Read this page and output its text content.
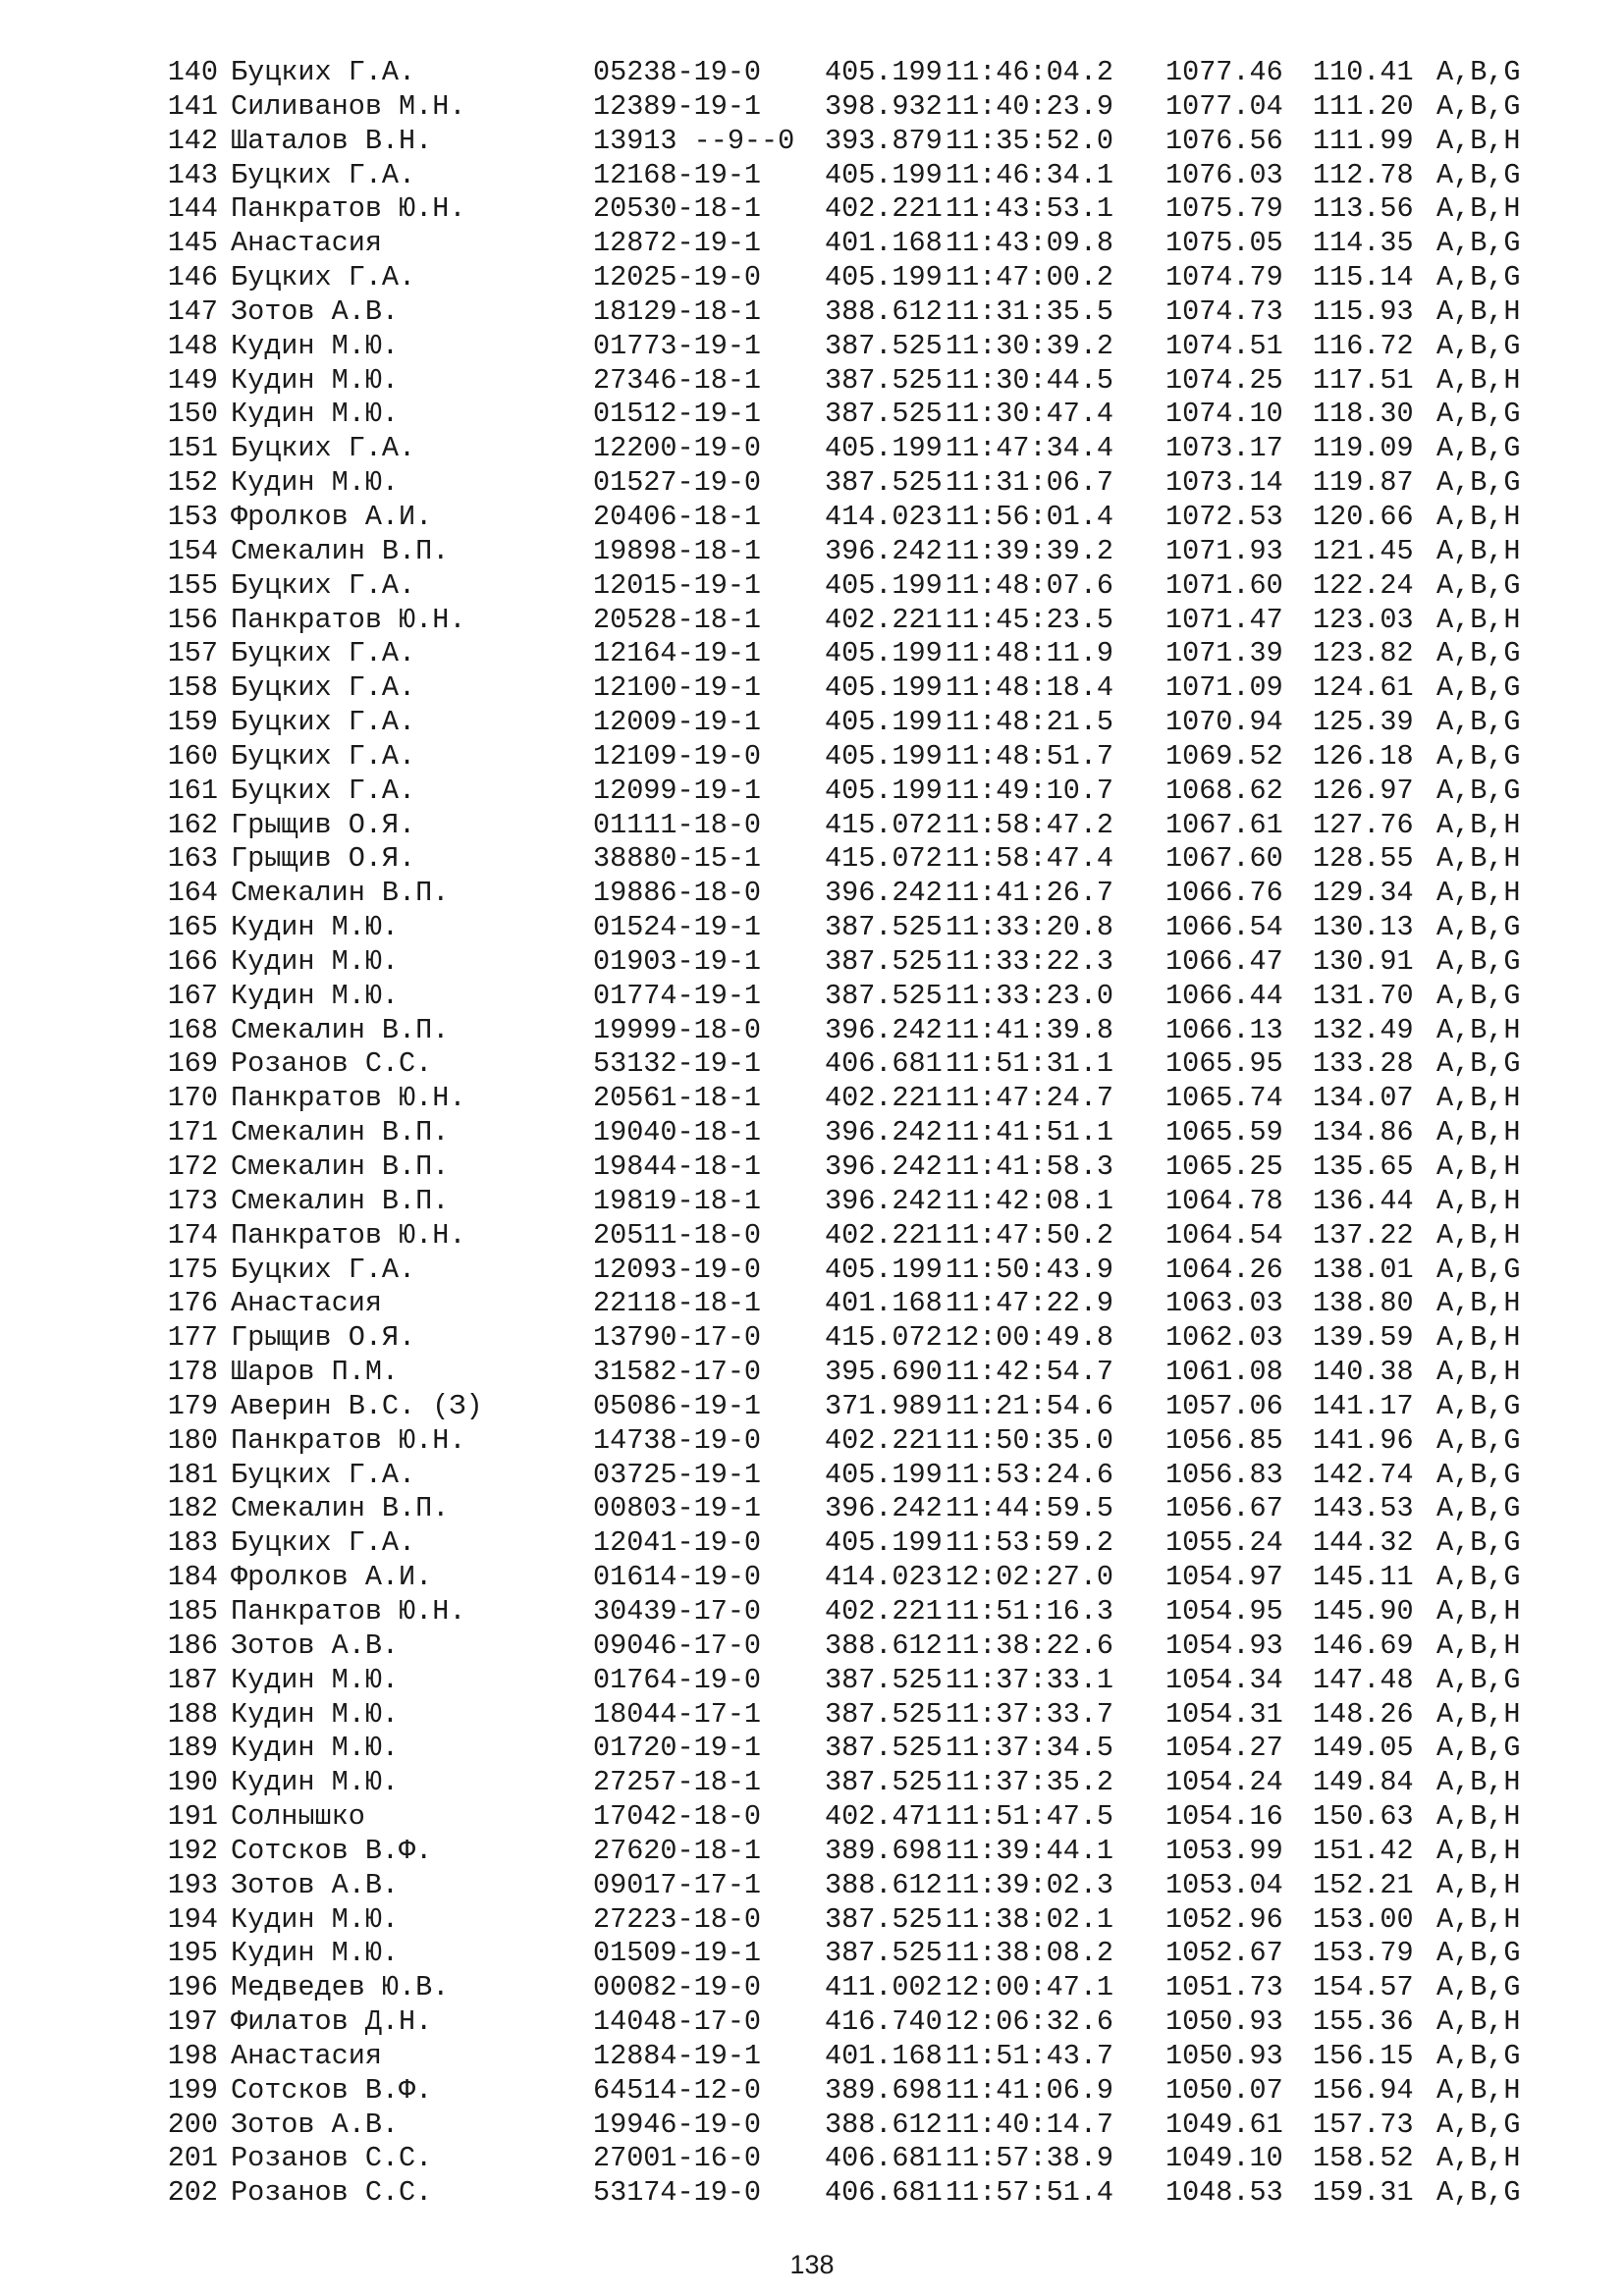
140 Буцких Г.А.	05238-19-0 405.199 11:46:04.2 1077.46 110.41 A,B,G
141 Силиванов М.Н.	12389-19-1 398.932 11:40:23.9 1077.04 111.20 A,B,G
142 Шаталов В.Н.	13913 --9--0 393.879 11:35:52.0 1076.56 111.99 A,B,H
143 Буцких Г.А.	12168-19-1 405.199 11:46:34.1 1076.03 112.78 A,B,G
144 Панкратов Ю.Н.	20530-18-1 402.221 11:43:53.1 1075.79 113.56 A,B,H
145 Анастасия	12872-19-1 401.168 11:43:09.8 1075.05 114.35 A,B,G
146 Буцких Г.А.	12025-19-0 405.199 11:47:00.2 1074.79 115.14 A,B,G
147 Зотов А.В.	18129-18-1 388.612 11:31:35.5 1074.73 115.93 A,B,H
148 Кудин М.Ю.	01773-19-1 387.525 11:30:39.2 1074.51 116.72 A,B,G
149 Кудин М.Ю.	27346-18-1 387.525 11:30:44.5 1074.25 117.51 A,B,H
150 Кудин М.Ю.	01512-19-1 387.525 11:30:47.4 1074.10 118.30 A,B,G
151 Буцких Г.А.	12200-19-0 405.199 11:47:34.4 1073.17 119.09 A,B,G
152 Кудин М.Ю.	01527-19-0 387.525 11:31:06.7 1073.14 119.87 A,B,G
153 Фролков А.И.	20406-18-1 414.023 11:56:01.4 1072.53 120.66 A,B,H
154 Смекалин В.П.	19898-18-1 396.242 11:39:39.2 1071.93 121.45 A,B,H
155 Буцких Г.А.	12015-19-1 405.199 11:48:07.6 1071.60 122.24 A,B,G
156 Панкратов Ю.Н.	20528-18-1 402.221 11:45:23.5 1071.47 123.03 A,B,H
157 Буцких Г.А.	12164-19-1 405.199 11:48:11.9 1071.39 123.82 A,B,G
158 Буцких Г.А.	12100-19-1 405.199 11:48:18.4 1071.09 124.61 A,B,G
159 Буцких Г.А.	12009-19-1 405.199 11:48:21.5 1070.94 125.39 A,B,G
160 Буцких Г.А.	12109-19-0 405.199 11:48:51.7 1069.52 126.18 A,B,G
161 Буцких Г.А.	12099-19-1 405.199 11:49:10.7 1068.62 126.97 A,B,G
162 Грыщив О.Я.	01111-18-0 415.072 11:58:47.2 1067.61 127.76 A,B,H
163 Грыщив О.Я.	38880-15-1 415.072 11:58:47.4 1067.60 128.55 A,B,H
164 Смекалин В.П.	19886-18-0 396.242 11:41:26.7 1066.76 129.34 A,B,H
165 Кудин М.Ю.	01524-19-1 387.525 11:33:20.8 1066.54 130.13 A,B,G
166 Кудин М.Ю.	01903-19-1 387.525 11:33:22.3 1066.47 130.91 A,B,G
167 Кудин М.Ю.	01774-19-1 387.525 11:33:23.0 1066.44 131.70 A,B,G
168 Смекалин В.П.	19999-18-0 396.242 11:41:39.8 1066.13 132.49 A,B,H
169 Розанов С.С.	53132-19-1 406.681 11:51:31.1 1065.95 133.28 A,B,G
170 Панкратов Ю.Н.	20561-18-1 402.221 11:47:24.7 1065.74 134.07 A,B,H
171 Смекалин В.П.	19040-18-1 396.242 11:41:51.1 1065.59 134.86 A,B,H
172 Смекалин В.П.	19844-18-1 396.242 11:41:58.3 1065.25 135.65 A,B,H
173 Смекалин В.П.	19819-18-1 396.242 11:42:08.1 1064.78 136.44 A,B,H
174 Панкратов Ю.Н.	20511-18-0 402.221 11:47:50.2 1064.54 137.22 A,B,H
175 Буцких Г.А.	12093-19-0 405.199 11:50:43.9 1064.26 138.01 A,B,G
176 Анастасия	22118-18-1 401.168 11:47:22.9 1063.03 138.80 A,B,H
177 Грыщив О.Я.	13790-17-0 415.072 12:00:49.8 1062.03 139.59 A,B,H
178 Шаров П.М.	31582-17-0 395.690 11:42:54.7 1061.08 140.38 A,B,H
179 Аверин В.С. (З)	05086-19-1 371.989 11:21:54.6 1057.06 141.17 A,B,G
180 Панкратов Ю.Н.	14738-19-0 402.221 11:50:35.0 1056.85 141.96 A,B,G
181 Буцких Г.А.	03725-19-1 405.199 11:53:24.6 1056.83 142.74 A,B,G
182 Смекалин В.П.	00803-19-1 396.242 11:44:59.5 1056.67 143.53 A,B,G
183 Буцких Г.А.	12041-19-0 405.199 11:53:59.2 1055.24 144.32 A,B,G
184 Фролков А.И.	01614-19-0 414.023 12:02:27.0 1054.97 145.11 A,B,G
185 Панкратов Ю.Н.	30439-17-0 402.221 11:51:16.3 1054.95 145.90 A,B,H
186 Зотов А.В.	09046-17-0 388.612 11:38:22.6 1054.93 146.69 A,B,H
187 Кудин М.Ю.	01764-19-0 387.525 11:37:33.1 1054.34 147.48 A,B,G
188 Кудин М.Ю.	18044-17-1 387.525 11:37:33.7 1054.31 148.26 A,B,H
189 Кудин М.Ю.	01720-19-1 387.525 11:37:34.5 1054.27 149.05 A,B,G
190 Кудин М.Ю.	27257-18-1 387.525 11:37:35.2 1054.24 149.84 A,B,H
191 Солнышко	17042-18-0 402.471 11:51:47.5 1054.16 150.63 A,B,H
192 Сотсков В.Ф.	27620-18-1 389.698 11:39:44.1 1053.99 151.42 A,B,H
193 Зотов А.В.	09017-17-1 388.612 11:39:02.3 1053.04 152.21 A,B,H
194 Кудин М.Ю.	27223-18-0 387.525 11:38:02.1 1052.96 153.00 A,B,H
195 Кудин М.Ю.	01509-19-1 387.525 11:38:08.2 1052.67 153.79 A,B,G
196 Медведев Ю.В.	00082-19-0 411.002 12:00:47.1 1051.73 154.57 A,B,G
197 Филатов Д.Н.	14048-17-0 416.740 12:06:32.6 1050.93 155.36 A,B,H
198 Анастасия	12884-19-1 401.168 11:51:43.7 1050.93 156.15 A,B,G
199 Сотсков В.Ф.	64514-12-0 389.698 11:41:06.9 1050.07 156.94 A,B,H
200 Зотов А.В.	19946-19-0 388.612 11:40:14.7 1049.61 157.73 A,B,G
201 Розанов С.С.	27001-16-0 406.681 11:57:38.9 1049.10 158.52 A,B,H
202 Розанов С.С.	53174-19-0 406.681 11:57:51.4 1048.53 159.31 A,B,G
138
